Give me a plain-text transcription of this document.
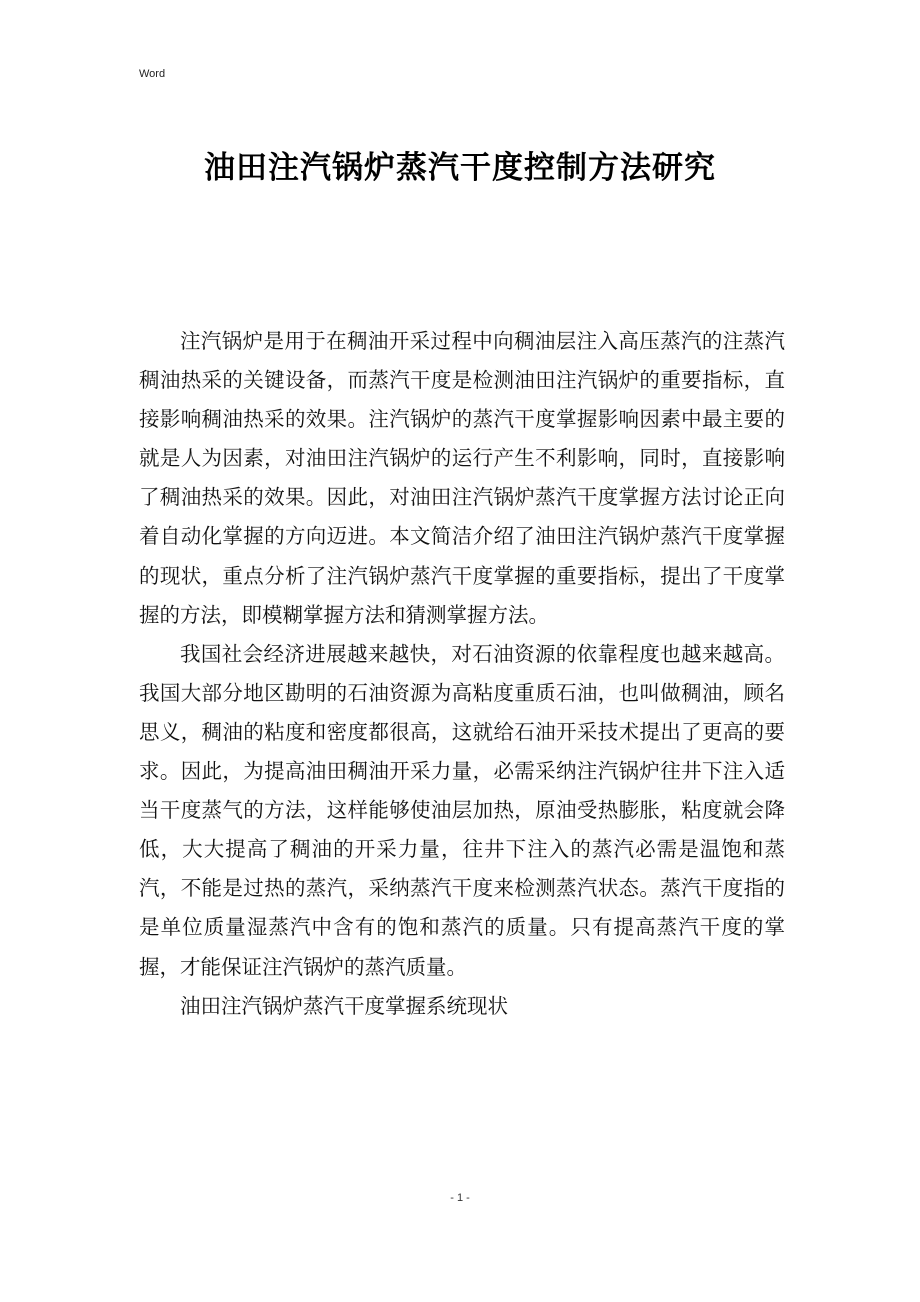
Word
油田注汽锅炉蒸汽干度控制方法研究

注汽锅炉是用于在稠油开采过程中向稠油层注入高压蒸汽的注蒸汽稠油热采的关键设备，而蒸汽干度是检测油田注汽锅炉的重要指标，直接影响稠油热采的效果。注汽锅炉的蒸汽干度掌握影响因素中最主要的就是人为因素，对油田注汽锅炉的运行产生不利影响，同时，直接影响了稠油热采的效果。因此，对油田注汽锅炉蒸汽干度掌握方法讨论正向着自动化掌握的方向迈进。本文简洁介绍了油田注汽锅炉蒸汽干度掌握的现状，重点分析了注汽锅炉蒸汽干度掌握的重要指标，提出了干度掌握的方法，即模糊掌握方法和猜测掌握方法。

我国社会经济进展越来越快，对石油资源的依靠程度也越来越高。我国大部分地区勘明的石油资源为高粘度重质石油，也叫做稠油，顾名思义，稠油的粘度和密度都很高，这就给石油开采技术提出了更高的要求。因此，为提高油田稠油开采力量，必需采纳注汽锅炉往井下注入适当干度蒸气的方法，这样能够使油层加热，原油受热膨胀，粘度就会降低，大大提高了稠油的开采力量，往井下注入的蒸汽必需是温饱和蒸汽，不能是过热的蒸汽，采纳蒸汽干度来检测蒸汽状态。蒸汽干度指的是单位质量湿蒸汽中含有的饱和蒸汽的质量。只有提高蒸汽干度的掌握，才能保证注汽锅炉的蒸汽质量。

油田注汽锅炉蒸汽干度掌握系统现状

- 1 -
